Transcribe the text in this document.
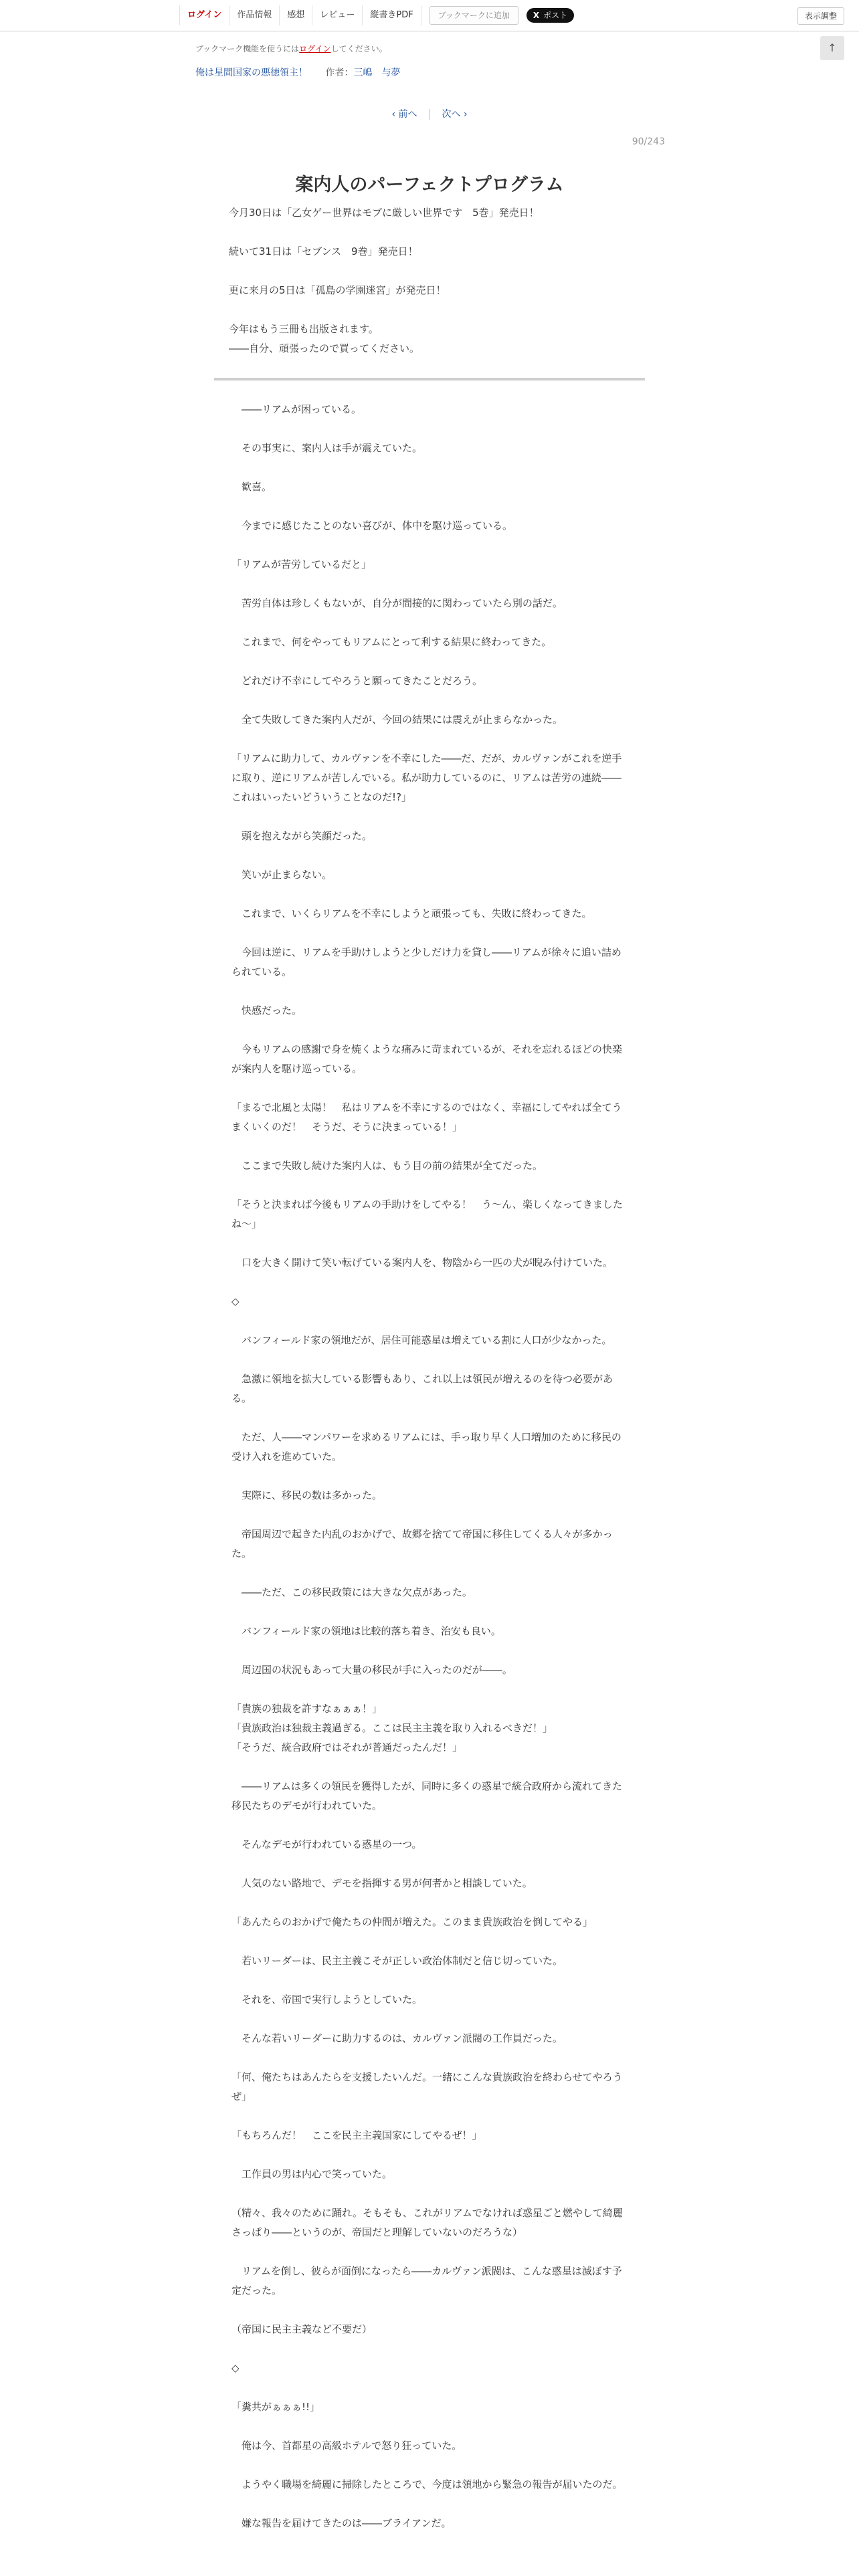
ログイン	作品情報	感想	レビュー	縦書きPDF	ブックマークに追加	X ポスト	表示調整
↑
ブックマーク機能を使うにはログインしてください。
俺は星間国家の悪徳領主！ 作者：三嶋　与夢
‹ 前へ	次へ ›
90/243
案内人のパーフェクトプログラム

今月30日は「乙女ゲー世界はモブに厳しい世界です　5巻」発売日！

続いて31日は「セブンス　9巻」発売日！

更に来月の5日は「孤島の学園迷宮」が発売日！

今年はもう三冊も出版されます。
――自分、頑張ったので買ってください。

　――リアムが困っている。

　その事実に、案内人は手が震えていた。

　歓喜。

　今までに感じたことのない喜びが、体中を駆け巡っている。

「リアムが苦労しているだと」

　苦労自体は珍しくもないが、自分が間接的に関わっていたら別の話だ。

　これまで、何をやってもリアムにとって利する結果に終わってきた。

　どれだけ不幸にしてやろうと願ってきたことだろう。

　全て失敗してきた案内人だが、今回の結果には震えが止まらなかった。

「リアムに助力して、カルヴァンを不幸にした――だ、だが、カルヴァンがこれを逆手に取り、逆にリアムが苦しんでいる。私が助力しているのに、リアムは苦労の連続――これはいったいどういうことなのだ!?」

　頭を抱えながら笑顔だった。

　笑いが止まらない。

　これまで、いくらリアムを不幸にしようと頑張っても、失敗に終わってきた。

　今回は逆に、リアムを手助けしようと少しだけ力を貸し――リアムが徐々に追い詰められている。

　快感だった。

　今もリアムの感謝で身を焼くような痛みに苛まれているが、それを忘れるほどの快楽が案内人を駆け巡っている。

「まるで北風と太陽！　私はリアムを不幸にするのではなく、幸福にしてやれば全てうまくいくのだ！　そうだ、そうに決まっている！」

　ここまで失敗し続けた案内人は、もう目の前の結果が全てだった。

「そうと決まれば今後もリアムの手助けをしてやる！　う～ん、楽しくなってきましたね～」

　口を大きく開けて笑い転げている案内人を、物陰から一匹の犬が睨み付けていた。

◇

　バンフィールド家の領地だが、居住可能惑星は増えている割に人口が少なかった。

　急激に領地を拡大している影響もあり、これ以上は領民が増えるのを待つ必要がある。

　ただ、人――マンパワーを求めるリアムには、手っ取り早く人口増加のために移民の受け入れを進めていた。

　実際に、移民の数は多かった。

　帝国周辺で起きた内乱のおかげで、故郷を捨てて帝国に移住してくる人々が多かった。

　――ただ、この移民政策には大きな欠点があった。

　バンフィールド家の領地は比較的落ち着き、治安も良い。

　周辺国の状況もあって大量の移民が手に入ったのだが――。

「貴族の独裁を許すなぁぁぁ！」
「貴族政治は独裁主義過ぎる。ここは民主主義を取り入れるべきだ！」
「そうだ、統合政府ではそれが普通だったんだ！」

　――リアムは多くの領民を獲得したが、同時に多くの惑星で統合政府から流れてきた移民たちのデモが行われていた。

　そんなデモが行われている惑星の一つ。

　人気のない路地で、デモを指揮する男が何者かと相談していた。

「あんたらのおかげで俺たちの仲間が増えた。このまま貴族政治を倒してやる」

　若いリーダーは、民主主義こそが正しい政治体制だと信じ切っていた。

　それを、帝国で実行しようとしていた。

　そんな若いリーダーに助力するのは、カルヴァン派閥の工作員だった。

「何、俺たちはあんたらを支援したいんだ。一緒にこんな貴族政治を終わらせてやろうぜ」

「もちろんだ！　ここを民主主義国家にしてやるぜ！」

　工作員の男は内心で笑っていた。

（精々、我々のために踊れ。そもそも、これがリアムでなければ惑星ごと燃やして綺麗さっぱり――というのが、帝国だと理解していないのだろうな）

　リアムを倒し、彼らが面倒になったら――カルヴァン派閥は、こんな惑星は滅ぼす予定だった。

（帝国に民主主義など不要だ）

◇

「糞共がぁぁぁ!!」

　俺は今、首都星の高級ホテルで怒り狂っていた。

　ようやく職場を綺麗に掃除したところで、今度は領地から緊急の報告が届いたのだ。

　嫌な報告を届けてきたのは――ブライアンだ。
